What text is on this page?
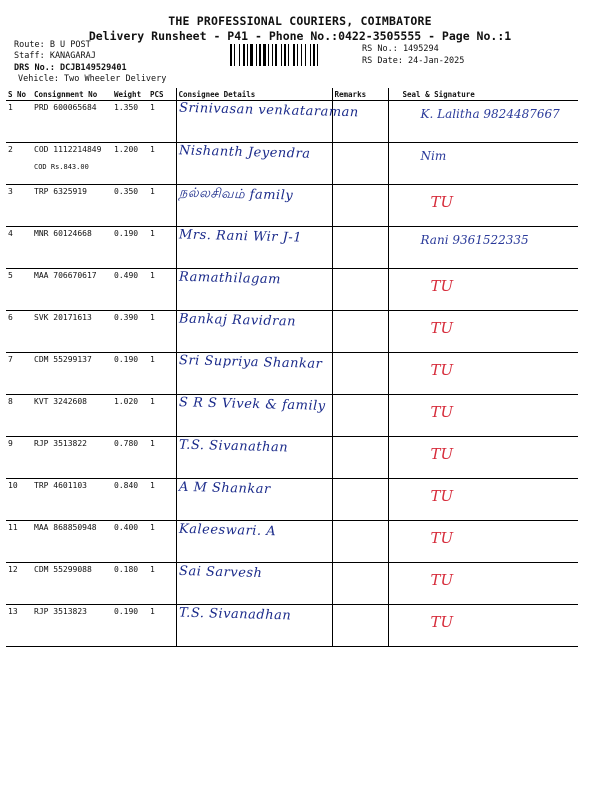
THE PROFESSIONAL COURIERS, COIMBATORE
Delivery Runsheet - P41 - Phone No.:0422-3505555 - Page No.:1
Route: B U POST
Staff: KANAGARAJ
DRS No.: DCJB149529401
Vehicle: Two Wheeler Delivery
RS No.: 1495294
RS Date: 24-Jan-2025
S No	Consignment No	Weight	PCS	Consignee Details	Remarks	Seal & Signature
1	PRD 600065684	1.350	1	Srinivasan venkataraman		K. Lalitha 9824487667
2	COD 1112214849
COD Rs.843.00	1.200	1	Nishanth Jeyendra		Nim
3	TRP 6325919	0.350	1	நல்லசிவம் family		TU
4	MNR 60124668	0.190	1	Mrs. Rani Wir J-1		Rani 9361522335
5	MAA 706670617	0.490	1	Ramathilagam		TU
6	SVK 20171613	0.390	1	Bankaj Ravidran		TU
7	CDM 55299137	0.190	1	Sri Supriya Shankar		TU
8	KVT 3242608	1.020	1	S R S Vivek & family		TU
9	RJP 3513822	0.780	1	T.S. Sivanathan		TU
10	TRP 4601103	0.840	1	A M Shankar		TU
11	MAA 868850948	0.400	1	Kaleeswari. A		TU
12	CDM 55299088	0.180	1	Sai Sarvesh		TU
13	RJP 3513823	0.190	1	T.S. Sivanadhan		TU
